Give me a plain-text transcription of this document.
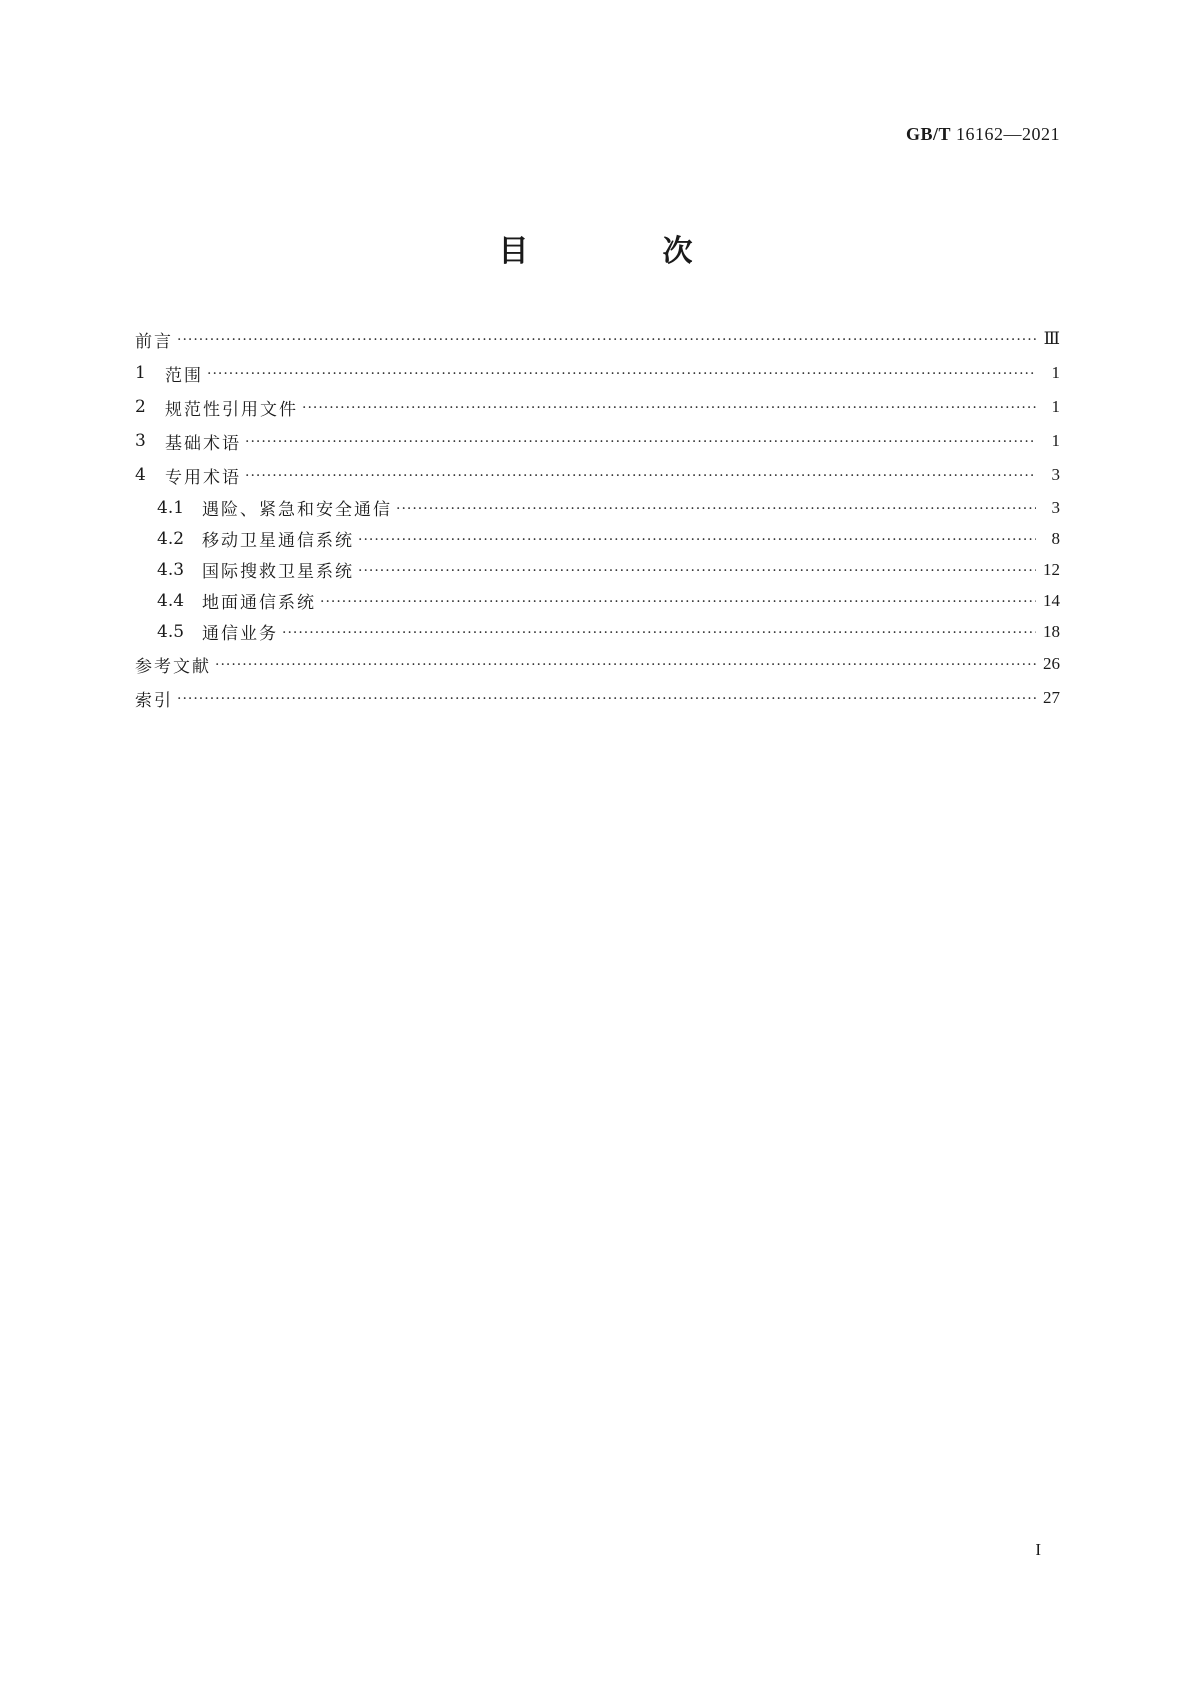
GB/T 16162—2021
目　次
前言 ·····	Ⅲ
1	范围 ·····	1
2	规范性引用文件 ·····	1
3	基础术语 ·····	1
4	专用术语 ·····	3
4.1	遇险、紧急和安全通信 ·····	3
4.2	移动卫星通信系统 ·····	8
4.3	国际搜救卫星系统 ·····	12
4.4	地面通信系统 ·····	14
4.5	通信业务 ·····	18
参考文献 ·····	26
索引 ·····	27
I
